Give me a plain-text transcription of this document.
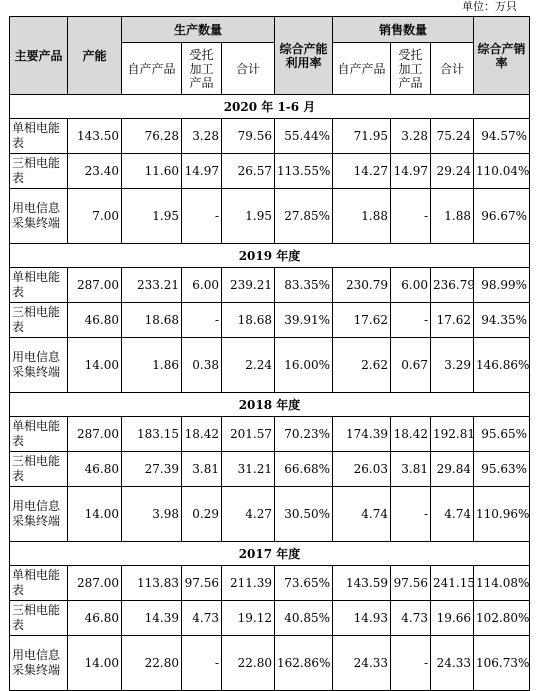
单位：万只
主要产品	产能	生产数量			综合产能利用率	销售数量			综合产销率
		自产产品	受托加工产品	合计		自产产品	受托加工产品	合计	
2020 年 1-6 月									
单相电能表	143.50	76.28	3.28	79.56	55.44%	71.95	3.28	75.24	94.57%
三相电能表	23.40	11.60	14.97	26.57	113.55%	14.27	14.97	29.24	110.04%
用电信息采集终端	7.00	1.95	-	1.95	27.85%	1.88	-	1.88	96.67%
2019 年度									
单相电能表	287.00	233.21	6.00	239.21	83.35%	230.79	6.00	236.79	98.99%
三相电能表	46.80	18.68	-	18.68	39.91%	17.62	-	17.62	94.35%
用电信息采集终端	14.00	1.86	0.38	2.24	16.00%	2.62	0.67	3.29	146.86%
2018 年度									
单相电能表	287.00	183.15	18.42	201.57	70.23%	174.39	18.42	192.81	95.65%
三相电能表	46.80	27.39	3.81	31.21	66.68%	26.03	3.81	29.84	95.63%
用电信息采集终端	14.00	3.98	0.29	4.27	30.50%	4.74	-	4.74	110.96%
2017 年度									
单相电能表	287.00	113.83	97.56	211.39	73.65%	143.59	97.56	241.15	114.08%
三相电能表	46.80	14.39	4.73	19.12	40.85%	14.93	4.73	19.66	102.80%
用电信息采集终端	14.00	22.80	-	22.80	162.86%	24.33	-	24.33	106.73%
